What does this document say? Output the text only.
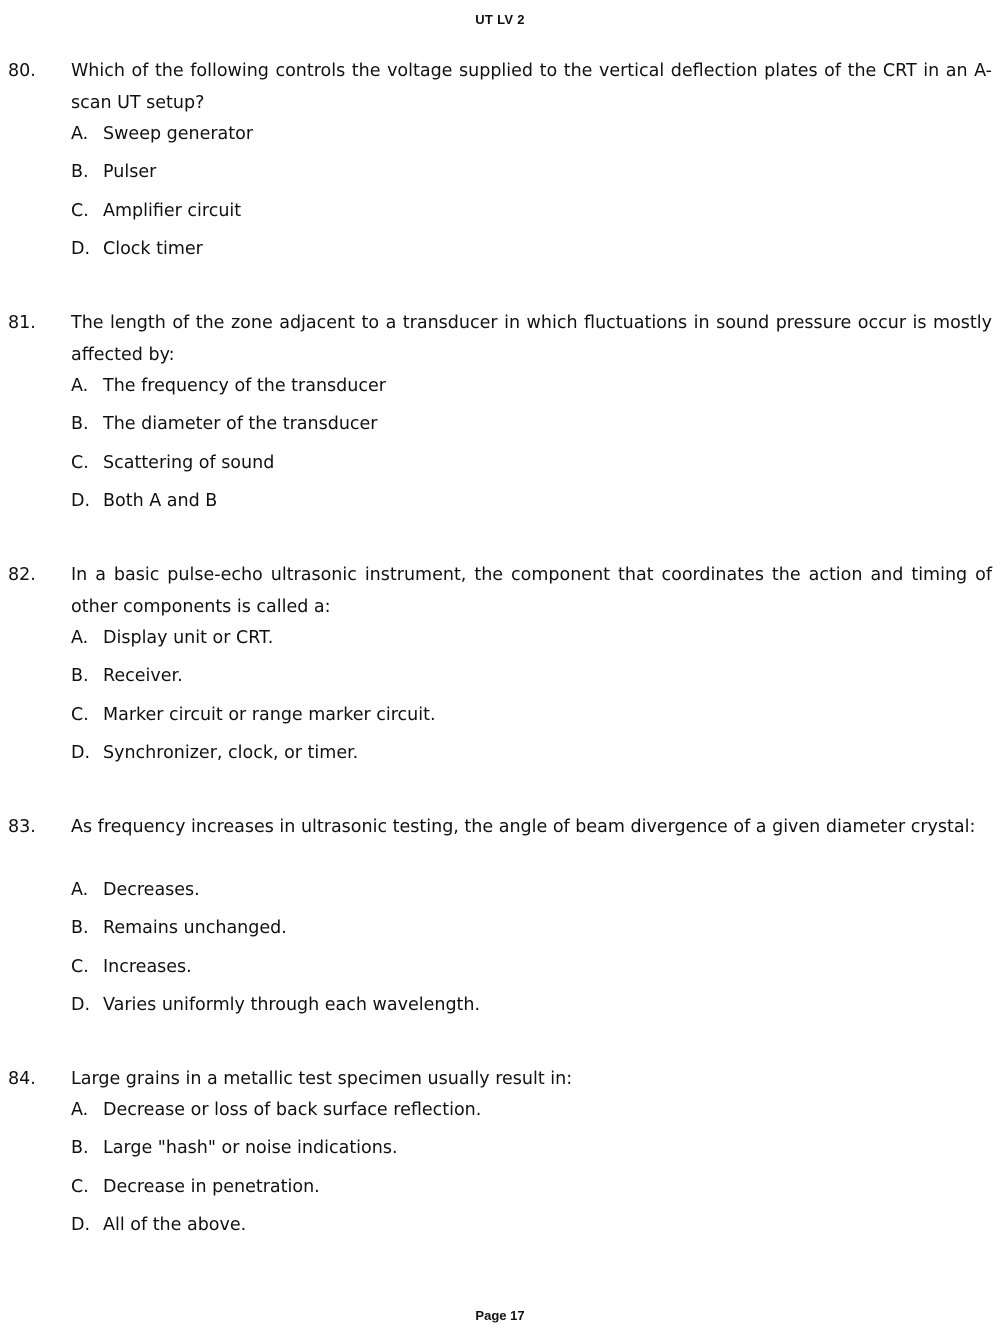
UT LV 2
80. Which of the following controls the voltage supplied to the vertical deflection plates of the CRT in an A-scan UT setup?
A. Sweep generator
B. Pulser
C. Amplifier circuit
D. Clock timer
81. The length of the zone adjacent to a transducer in which fluctuations in sound pressure occur is mostly affected by:
A. The frequency of the transducer
B. The diameter of the transducer
C. Scattering of sound
D. Both A and B
82. In a basic pulse-echo ultrasonic instrument, the component that coordinates the action and timing of other components is called a:
A. Display unit or CRT.
B. Receiver.
C. Marker circuit or range marker circuit.
D. Synchronizer, clock, or timer.
83. As frequency increases in ultrasonic testing, the angle of beam divergence of a given diameter crystal:
A. Decreases.
B. Remains unchanged.
C. Increases.
D. Varies uniformly through each wavelength.
84. Large grains in a metallic test specimen usually result in:
A. Decrease or loss of back surface reflection.
B. Large "hash" or noise indications.
C. Decrease in penetration.
D. All of the above.
Page 17
